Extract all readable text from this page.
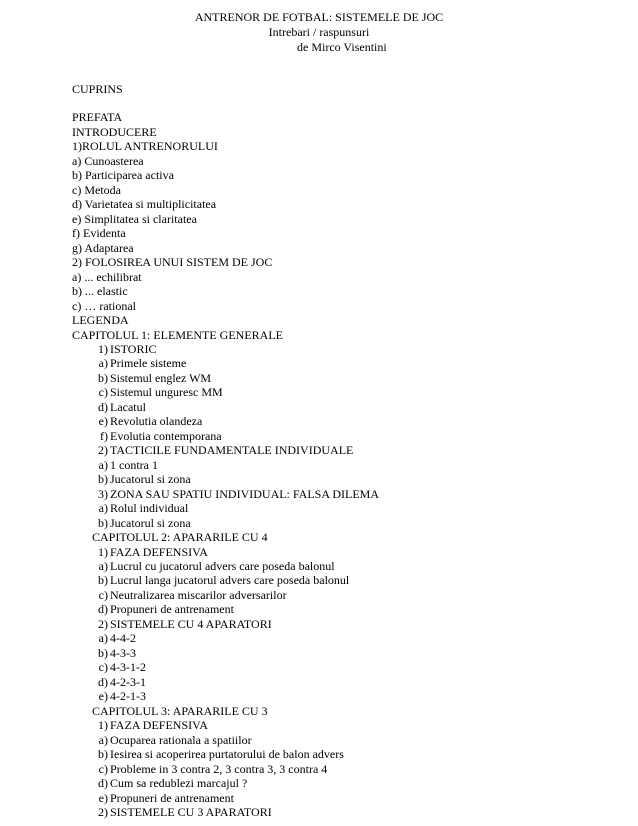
ANTRENOR DE FOTBAL: SISTEMELE DE JOC
Intrebari / raspunsuri
de Mirco Visentini
CUPRINS
PREFATA
INTRODUCERE
1)ROLUL ANTRENORULUI
a) Cunoasterea
b) Participarea activa
c) Metoda
d) Varietatea si multiplicitatea
e) Simplitatea si claritatea
f) Evidenta
g) Adaptarea
2) FOLOSIREA UNUI SISTEM DE JOC
a) ... echilibrat
b) ... elastic
c) … rational
LEGENDA
CAPITOLUL 1: ELEMENTE GENERALE
1) ISTORIC
a) Primele sisteme
b) Sistemul englez WM
c) Sistemul unguresc MM
d) Lacatul
e) Revolutia olandeza
f) Evolutia contemporana
2) TACTICILE FUNDAMENTALE INDIVIDUALE
a) 1 contra 1
b) Jucatorul si zona
3) ZONA SAU SPATIU INDIVIDUAL: FALSA DILEMA
a) Rolul individual
b) Jucatorul si zona
CAPITOLUL 2: APARARILE CU 4
1) FAZA DEFENSIVA
a) Lucrul cu jucatorul advers care poseda balonul
b) Lucrul langa jucatorul advers care poseda balonul
c) Neutralizarea miscarilor adversarilor
d) Propuneri de antrenament
2) SISTEMELE CU 4 APARATORI
a) 4-4-2
b) 4-3-3
c) 4-3-1-2
d) 4-2-3-1
e) 4-2-1-3
CAPITOLUL 3: APARARILE CU 3
1) FAZA DEFENSIVA
a) Ocuparea rationala a spatiilor
b) Iesirea si acoperirea purtatorului de balon advers
c) Probleme in 3 contra 2, 3 contra 3, 3 contra 4
d) Cum sa redublezi marcajul ?
e) Propuneri de antrenament
2) SISTEMELE CU 3 APARATORI
